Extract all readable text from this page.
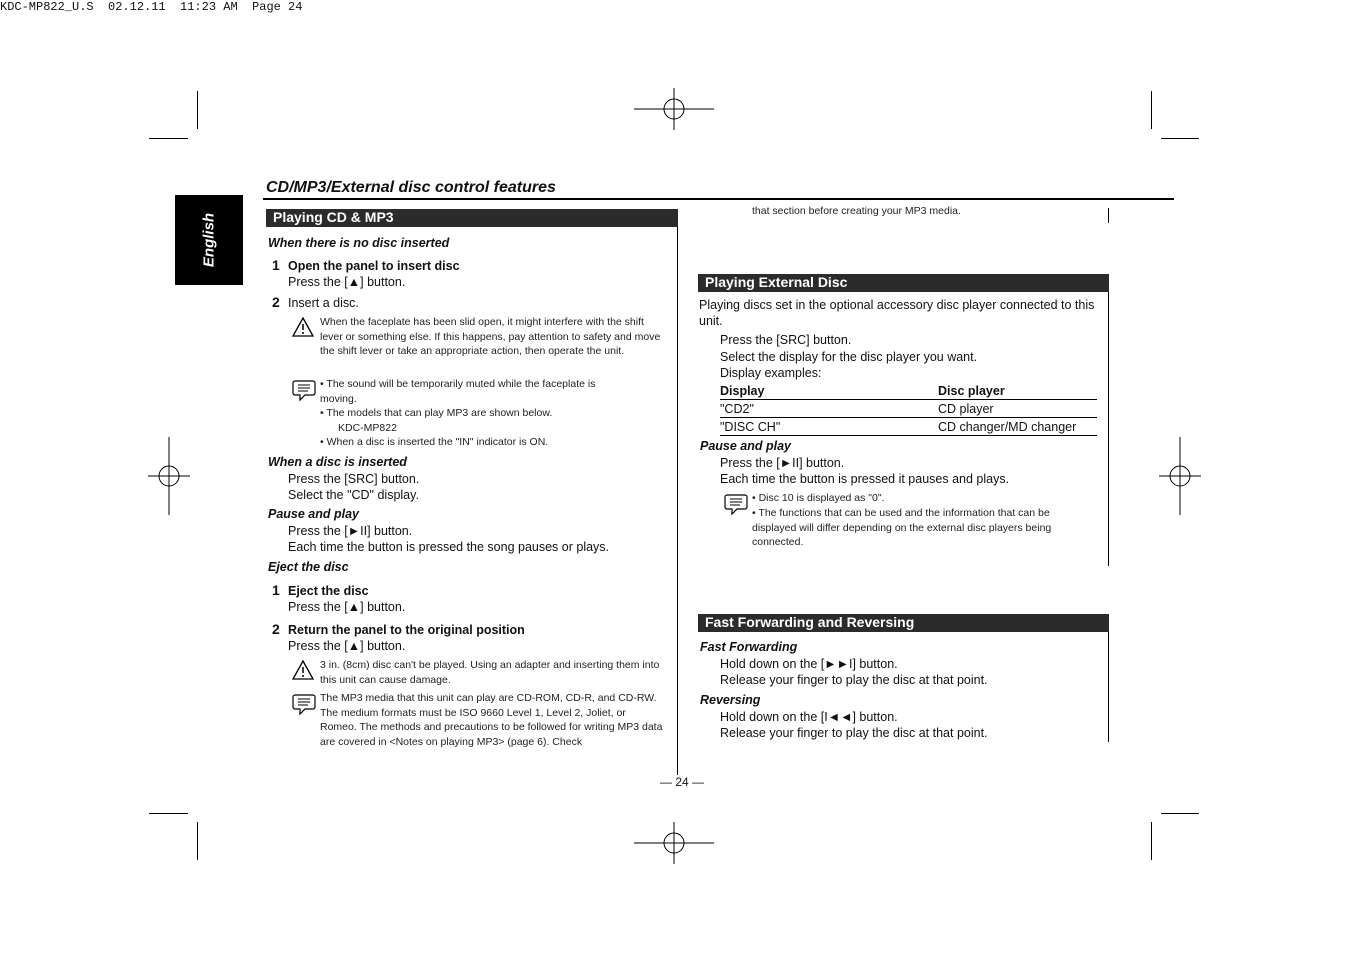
KDC-MP822_U.S  02.12.11  11:23 AM  Page 24
CD/MP3/External disc control features
English	Playing CD & MP3
When there is no disc inserted
1 Open the panel to insert disc
Press the [▲] button.
2 Insert a disc.
When the faceplate has been slid open, it might interfere with the shift lever or something else. If this happens, pay attention to safety and move the shift lever or take an appropriate action, then operate the unit.
• The sound will be temporarily muted while the faceplate is moving.
• The models that can play MP3 are shown below.
KDC-MP822
• When a disc is inserted the "IN" indicator is ON.
When a disc is inserted
Press the [SRC] button.
Select the "CD" display.
Pause and play
Press the [►II] button.
Each time the button is pressed the song pauses or plays.
Eject the disc
1 Eject the disc
Press the [▲] button.
2 Return the panel to the original position
Press the [▲] button.
3 in. (8cm) disc can't be played. Using an adapter and inserting them into this unit can cause damage.
The MP3 media that this unit can play are CD-ROM, CD-R, and CD-RW.
The medium formats must be ISO 9660 Level 1, Level 2, Joliet, or Romeo. The methods and precautions to be followed for writing MP3 data are covered in <Notes on playing MP3> (page 6). Check
— 24 —
that section before creating your MP3 media.
Playing External Disc
Playing discs set in the optional accessory disc player connected to this unit.
Press the [SRC] button.
Select the display for the disc player you want.
Display examples:
Display	Disc player
"CD2"	CD player
"DISC CH"	CD changer/MD changer
Pause and play
Press the [►II] button.
Each time the button is pressed it pauses and plays.
• Disc 10 is displayed as "0".
• The functions that can be used and the information that can be displayed will differ depending on the external disc players being connected.
Fast Forwarding and Reversing
Fast Forwarding
Hold down on the [►►I] button.
Release your finger to play the disc at that point.
Reversing
Hold down on the [I◄◄] button.
Release your finger to play the disc at that point.
